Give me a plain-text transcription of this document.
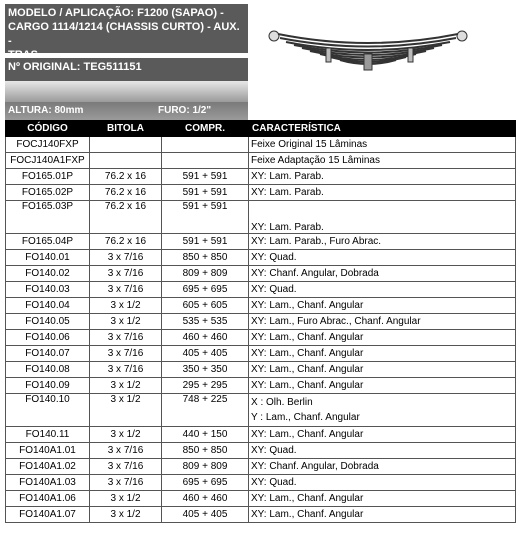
MODELO / APLICAÇÃO: F1200 (SAPAO) -
CARGO 1114/1214 (CHASSIS CURTO) - AUX. -
TRAS.
Nº ORIGINAL: TEG511151
ALTURA: 80mm	FURO: 1/2"
CÓDIGO	BITOLA	COMPR.	CARACTERÍSTICA
FOCJ140FXP			Feixe Original 15 Lâminas
FOCJ140A1FXP			Feixe Adaptação 15 Lâminas
FO165.01P	76.2 x 16	591 + 591	XY: Lam. Parab.
FO165.02P	76.2 x 16	591 + 591	XY: Lam. Parab.
FO165.03P	76.2 x 16	591 + 591	XY: Lam. Parab.
FO165.04P	76.2 x 16	591 + 591	XY: Lam. Parab., Furo Abrac.
FO140.01	3 x 7/16	850 + 850	XY: Quad.
FO140.02	3 x 7/16	809 + 809	XY: Chanf. Angular, Dobrada
FO140.03	3 x 7/16	695 + 695	XY: Quad.
FO140.04	3 x 1/2	605 + 605	XY: Lam., Chanf. Angular
FO140.05	3 x 1/2	535 + 535	XY: Lam., Furo Abrac., Chanf. Angular
FO140.06	3 x 7/16	460 + 460	XY: Lam., Chanf. Angular
FO140.07	3 x 7/16	405 + 405	XY: Lam., Chanf. Angular
FO140.08	3 x 7/16	350 + 350	XY: Lam., Chanf. Angular
FO140.09	3 x 1/2	295 + 295	XY: Lam., Chanf. Angular
FO140.10	3 x 1/2	748 + 225	X : Olh. Berlin
Y : Lam., Chanf. Angular

FO140.11	3 x 1/2	440 + 150	XY: Lam., Chanf. Angular
FO140A1.01	3 x 7/16	850 + 850	XY: Quad.
FO140A1.02	3 x 7/16	809 + 809	XY: Chanf. Angular, Dobrada
FO140A1.03	3 x 7/16	695 + 695	XY: Quad.
FO140A1.06	3 x 1/2	460 + 460	XY: Lam., Chanf. Angular
FO140A1.07	3 x 1/2	405 + 405	XY: Lam., Chanf. Angular
